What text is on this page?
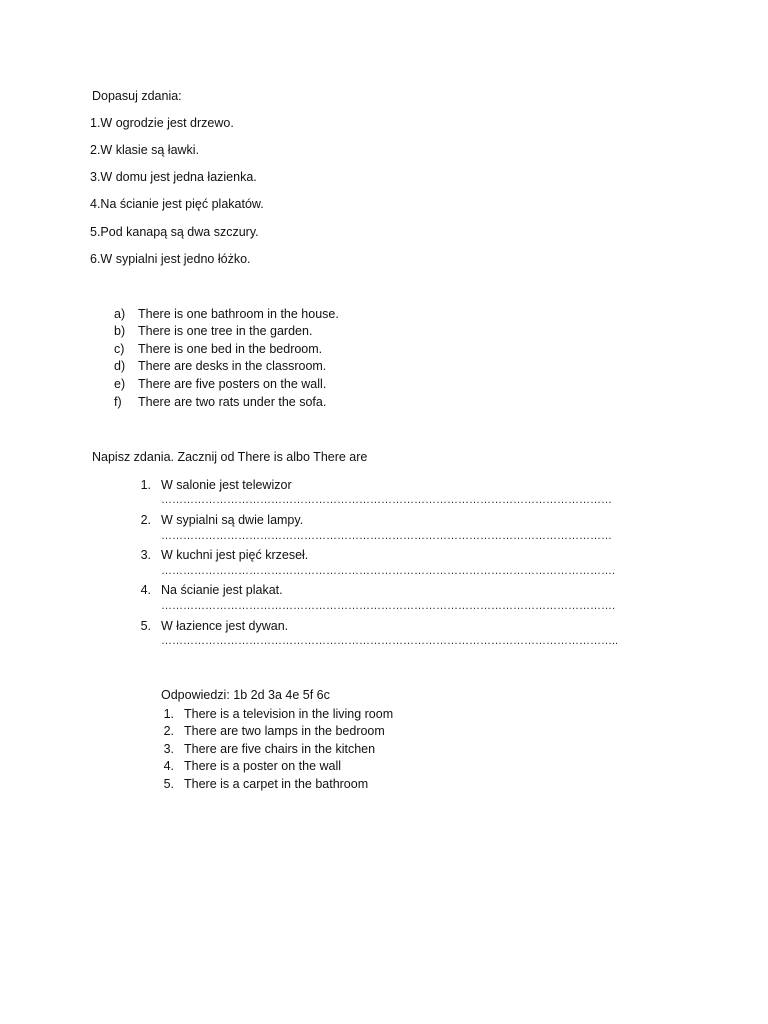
Dopasuj zdania:
1.W ogrodzie jest drzewo.
2.W klasie są ławki.
3.W domu jest jedna łazienka.
4.Na ścianie jest pięć plakatów.
5.Pod kanapą są dwa szczury.
6.W sypialni jest jedno łóżko.
a)	There is one bathroom in the house.
b)	There is one tree in the garden.
c)	There is one bed in the bedroom.
d)	There are desks in the classroom.
e)	There are five posters on the wall.
f)	There are two rats under the sofa.
Napisz zdania. Zacznij od There is albo There are
1. W salonie jest telewizor
……………………………………………………………………………………………………………
2. W sypialni są dwie lampy.
……………………………………………………………………………………………………………
3. W kuchni jest pięć krzeseł.
…………………………………………………………………………………………………………….
4. Na ścianie jest plakat.
…………………………………………………………………………………………………………….
5. W łazience jest dywan.
……………………………………………………………………………………………………………..
Odpowiedzi: 1b 2d 3a 4e 5f 6c
1. There is a television in the living room
2. There are two lamps in the bedroom
3. There are five chairs in the kitchen
4. There is a poster on the wall
5. There is a carpet in the bathroom
